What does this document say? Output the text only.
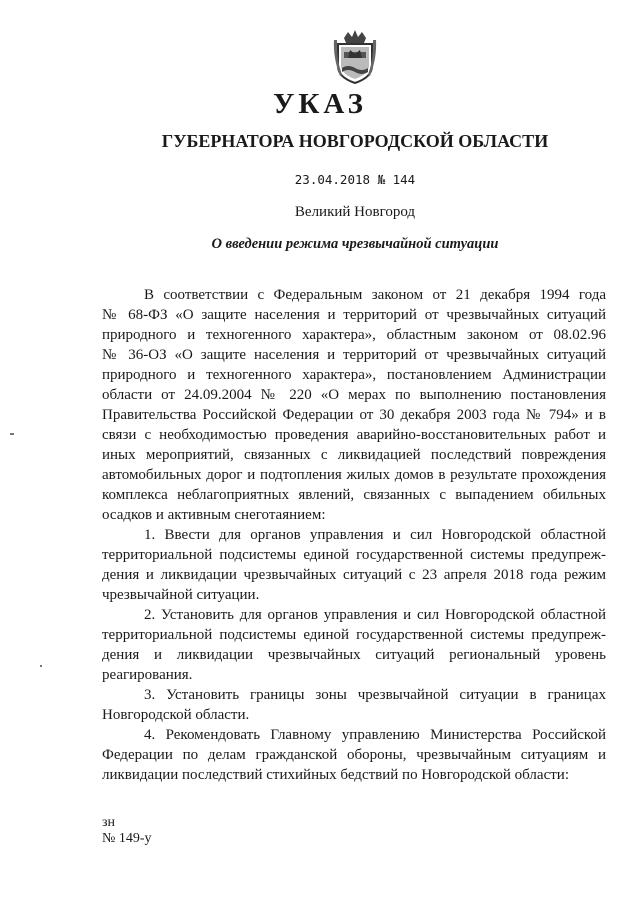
УКАЗ
ГУБЕРНАТОРА НОВГОРОДСКОЙ ОБЛАСТИ
23.04.2018 № 144
Великий Новгород
О введении режима чрезвычайной ситуации

В соответствии с Федеральным законом от 21 декабря 1994 года

№ 68-ФЗ «О защите населения и территорий от чрезвычайных ситуаций

природного и техногенного характера», областным законом от 08.02.96

№ 36-ОЗ «О защите населения и территорий от чрезвычайных ситуаций

природного и техногенного характера», постановлением Администрации

области от 24.09.2004 № 220 «О мерах по выполнению постановления

Правительства Российской Федерации от 30 декабря 2003 года № 794» и в

связи с необходимостью проведения аварийно-восстановительных работ и

иных мероприятий, связанных с ликвидацией последствий повреждения

автомобильных дорог и подтопления жилых домов в результате прохождения

комплекса неблагоприятных явлений, связанных с выпадением обильных

осадков и активным снеготаянием:

1. Ввести для органов управления и сил Новгородской областной

территориальной подсистемы единой государственной системы предупреж-

дения и ликвидации чрезвычайных ситуаций с 23 апреля 2018 года режим

чрезвычайной ситуации.

2. Установить для органов управления и сил Новгородской областной

территориальной подсистемы единой государственной системы предупреж-

дения и ликвидации чрезвычайных ситуаций региональный уровень

реагирования.

3. Установить границы зоны чрезвычайной ситуации в границах

Новгородской области.

4. Рекомендовать Главному управлению Министерства Российской

Федерации по делам гражданской обороны, чрезвычайным ситуациям и

ликвидации последствий стихийных бедствий по Новгородской области:

зн
№ 149-у
